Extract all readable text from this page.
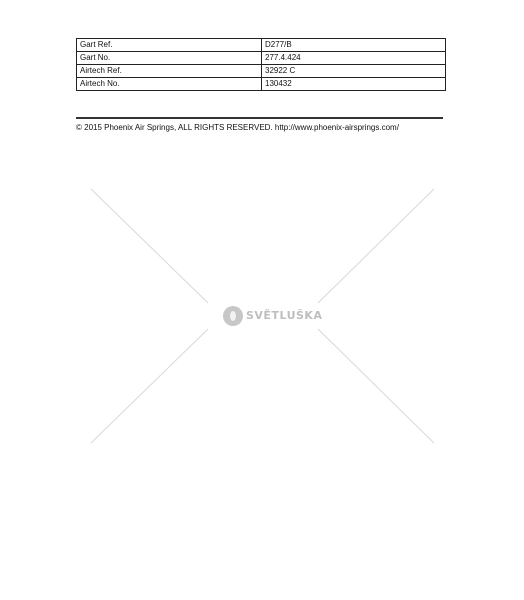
Gart Ref.	D277/B
Gart No.	277.4.424
Airtech Ref.	32922 C
Airtech No.	130432
© 2015 Phoenix Air Springs, ALL RIGHTS RESERVED. http://www.phoenix-airsprings.com/
SVĚTLUŠKA
